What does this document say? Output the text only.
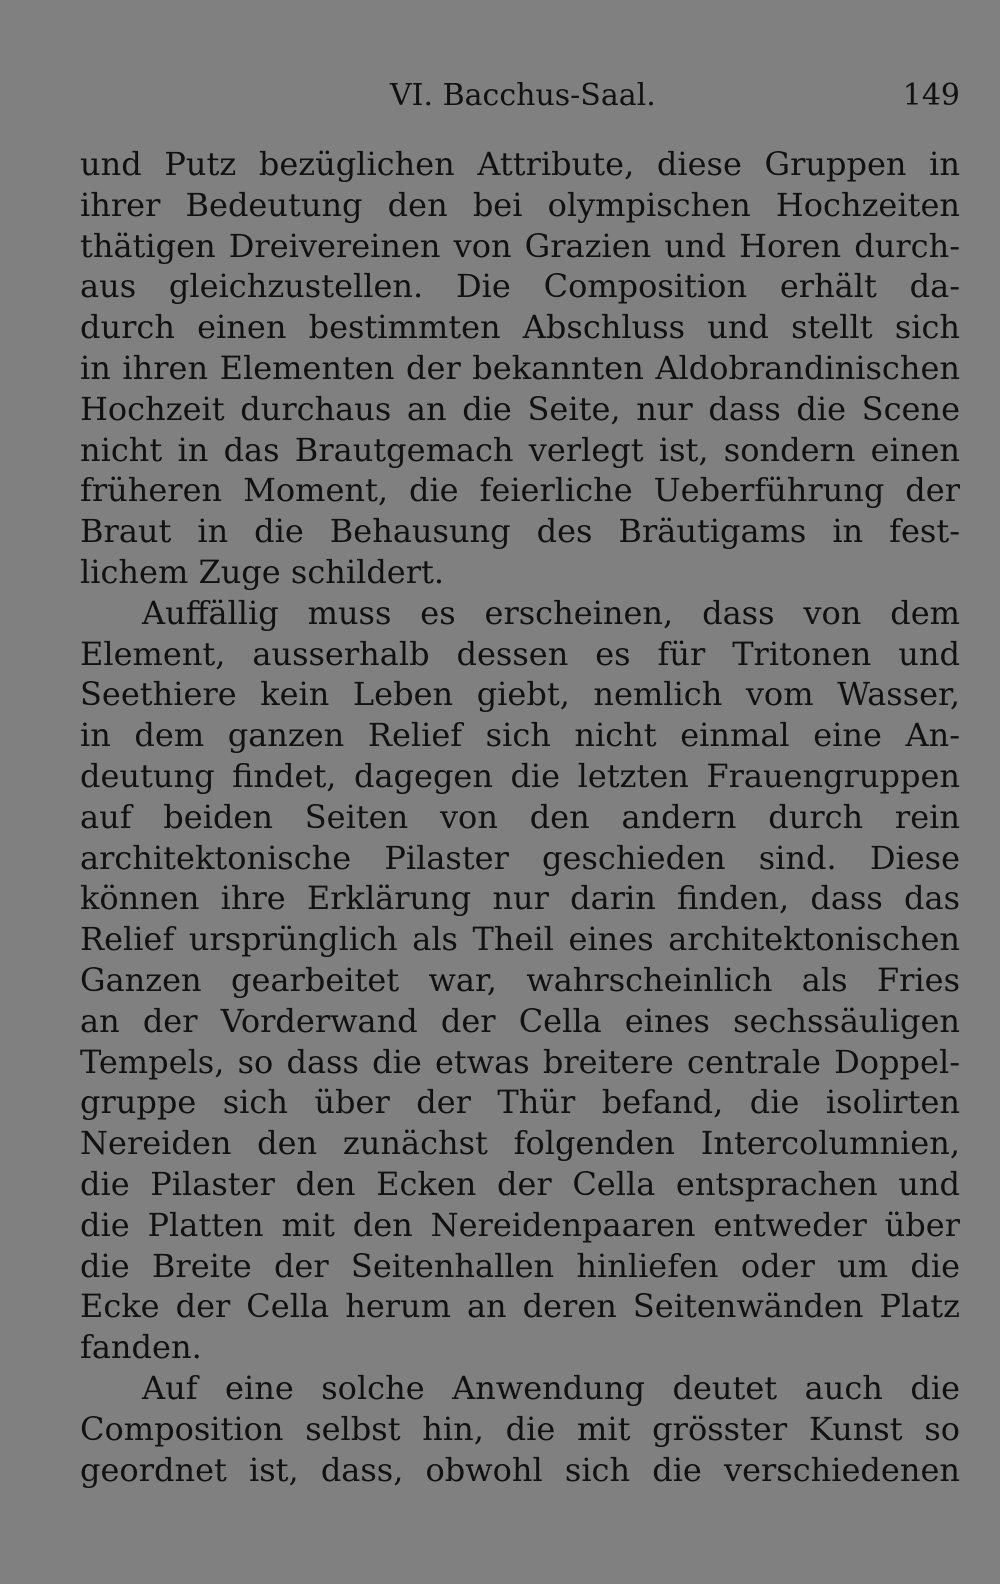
VI. Bacchus-Saal.	149
und Putz bezüglichen Attribute, diese Gruppen in
ihrer Bedeutung den bei olympischen Hochzeiten
thätigen Dreivereinen von Grazien und Horen durch-
aus gleichzustellen. Die Composition erhält da-
durch einen bestimmten Abschluss und stellt sich
in ihren Elementen der bekannten Aldobrandinischen
Hochzeit durchaus an die Seite, nur dass die Scene
nicht in das Brautgemach verlegt ist, sondern einen
früheren Moment, die feierliche Ueberführung der
Braut in die Behausung des Bräutigams in fest-
lichem Zuge schildert.
Auffällig muss es erscheinen, dass von dem
Element, ausserhalb dessen es für Tritonen und
Seethiere kein Leben giebt, nemlich vom Wasser,
in dem ganzen Relief sich nicht einmal eine An-
deutung findet, dagegen die letzten Frauengruppen
auf beiden Seiten von den andern durch rein
architektonische Pilaster geschieden sind. Diese
können ihre Erklärung nur darin finden, dass das
Relief ursprünglich als Theil eines architektonischen
Ganzen gearbeitet war, wahrscheinlich als Fries
an der Vorderwand der Cella eines sechssäuligen
Tempels, so dass die etwas breitere centrale Doppel-
gruppe sich über der Thür befand, die isolirten
Nereiden den zunächst folgenden Intercolumnien,
die Pilaster den Ecken der Cella entsprachen und
die Platten mit den Nereidenpaaren entweder über
die Breite der Seitenhallen hinliefen oder um die
Ecke der Cella herum an deren Seitenwänden Platz
fanden.
Auf eine solche Anwendung deutet auch die
Composition selbst hin, die mit grösster Kunst so
geordnet ist, dass, obwohl sich die verschiedenen
